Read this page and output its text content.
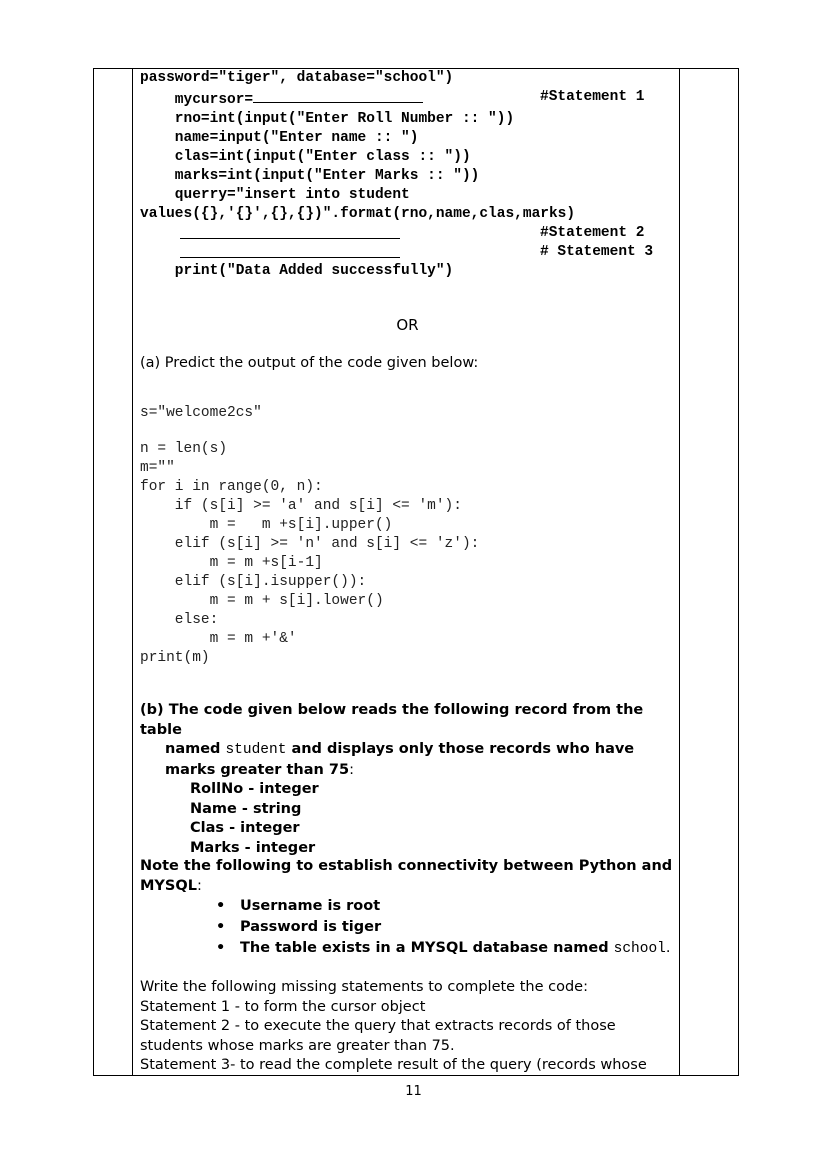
password="tiger", database="school")
mycursor=	#Statement 1
rno=int(input("Enter Roll Number :: "))
name=input("Enter name :: ")
clas=int(input("Enter class :: "))
marks=int(input("Enter Marks :: "))
querry="insert into student
values({},'{}',{},{})".format(rno,name,clas,marks)
#Statement 2
# Statement 3
print("Data Added successfully")
OR
(a) Predict the output of the code given below:
s="welcome2cs"
n = len(s)
m=""
for i in range(0, n):
if (s[i] >= 'a' and s[i] <= 'm'):
m =   m +s[i].upper()
elif (s[i] >= 'n' and s[i] <= 'z'):
m = m +s[i-1]
elif (s[i].isupper()):
m = m + s[i].lower()
else:
m = m +'&'
print(m)
(b) The code given below reads the following record from the table
named student and displays only those records who have
marks greater than 75:
RollNo - integer
Name - string
Clas - integer
Marks - integer
Note the following to establish connectivity between Python and
MYSQL:
• Username is root
• Password is tiger
• The table exists in a MYSQL database named school.
Write the following missing statements to complete the code:
Statement 1 - to form the cursor object
Statement 2 - to execute the query that extracts records of those
students whose marks are greater than 75.
Statement 3- to read the complete result of the query (records whose
11
